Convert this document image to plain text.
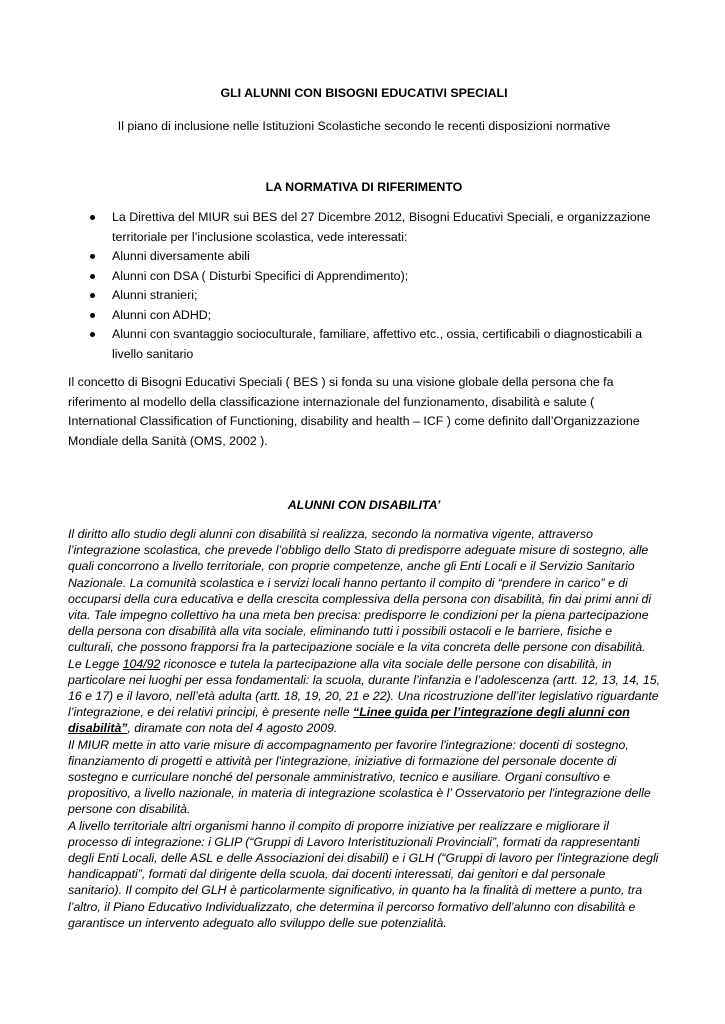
GLI ALUNNI CON BISOGNI EDUCATIVI SPECIALI
Il piano di inclusione nelle Istituzioni Scolastiche secondo le recenti disposizioni normative
LA NORMATIVA DI RIFERIMENTO
La Direttiva del MIUR sui BES del 27 Dicembre 2012, Bisogni Educativi Speciali, e organizzazione territoriale per l’inclusione scolastica, vede interessati:
Alunni diversamente abili
Alunni con DSA ( Disturbi Specifici di Apprendimento);
Alunni stranieri;
Alunni con ADHD;
Alunni con svantaggio socioculturale, familiare, affettivo etc., ossia, certificabili o diagnosticabili a livello sanitario

Il concetto di Bisogni Educativi Speciali ( BES ) si fonda su una visione globale della persona che fa riferimento al modello della classificazione internazionale del funzionamento, disabilità e salute ( International Classification of Functioning, disability and health – ICF ) come definito dall’Organizzazione Mondiale della Sanità (OMS, 2002 ).

ALUNNI CON DISABILITA’

Il diritto allo studio degli alunni con disabilità si realizza, secondo la normativa vigente, attraverso l’integrazione scolastica, che prevede l’obbligo dello Stato di predisporre adeguate misure di sostegno, alle quali concorrono a livello territoriale, con proprie competenze, anche gli Enti Locali e il Servizio Sanitario Nazionale. La comunità scolastica e i servizi locali hanno pertanto il compito di “prendere in carico” e di occuparsi della cura educativa e della crescita complessiva della persona con disabilità, fin dai primi anni di vita. Tale impegno collettivo ha una meta ben precisa: predisporre le condizioni per la piena partecipazione della persona con disabilità alla vita sociale, eliminando tutti i possibili ostacoli e le barriere, fisiche e culturali, che possono frapporsi fra la partecipazione sociale e la vita concreta delle persone con disabilità.

Le Legge 104/92 riconosce e tutela la partecipazione alla vita sociale delle persone con disabilità, in particolare nei luoghi per essa fondamentali: la scuola, durante l’infanzia e l’adolescenza (artt. 12, 13, 14, 15, 16 e 17) e il lavoro, nell’età adulta (artt. 18, 19, 20, 21 e 22). Una ricostruzione dell’iter legislativo riguardante l’integrazione, e dei relativi principi, è presente nelle “Linee guida per l’integrazione degli alunni con disabilità”, diramate con nota del 4 agosto 2009.

Il MIUR mette in atto varie misure di accompagnamento per favorire l'integrazione: docenti di sostegno, finanziamento di progetti e attività per l'integrazione, iniziative di formazione del personale docente di sostegno e curriculare nonché del personale amministrativo, tecnico e ausiliare. Organi consultivo e propositivo, a livello nazionale, in materia di integrazione scolastica è l’ Osservatorio per l'integrazione delle persone con disabilità.

A livello territoriale altri organismi hanno il compito di proporre iniziative per realizzare e migliorare il processo di integrazione: i GLIP (“Gruppi di Lavoro Interistituzionali Provinciali”, formati da rappresentanti degli Enti Locali, delle ASL e delle Associazioni dei disabili) e i GLH (“Gruppi di lavoro per l'integrazione degli handicappati”, formati dal dirigente della scuola, dai docenti interessati, dai genitori e dal personale sanitario). Il compito del GLH è particolarmente significativo, in quanto ha la finalità di mettere a punto, tra l’altro, il Piano Educativo Individualizzato, che determina il percorso formativo dell’alunno con disabilità e garantisce un intervento adeguato allo sviluppo delle sue potenzialità.
